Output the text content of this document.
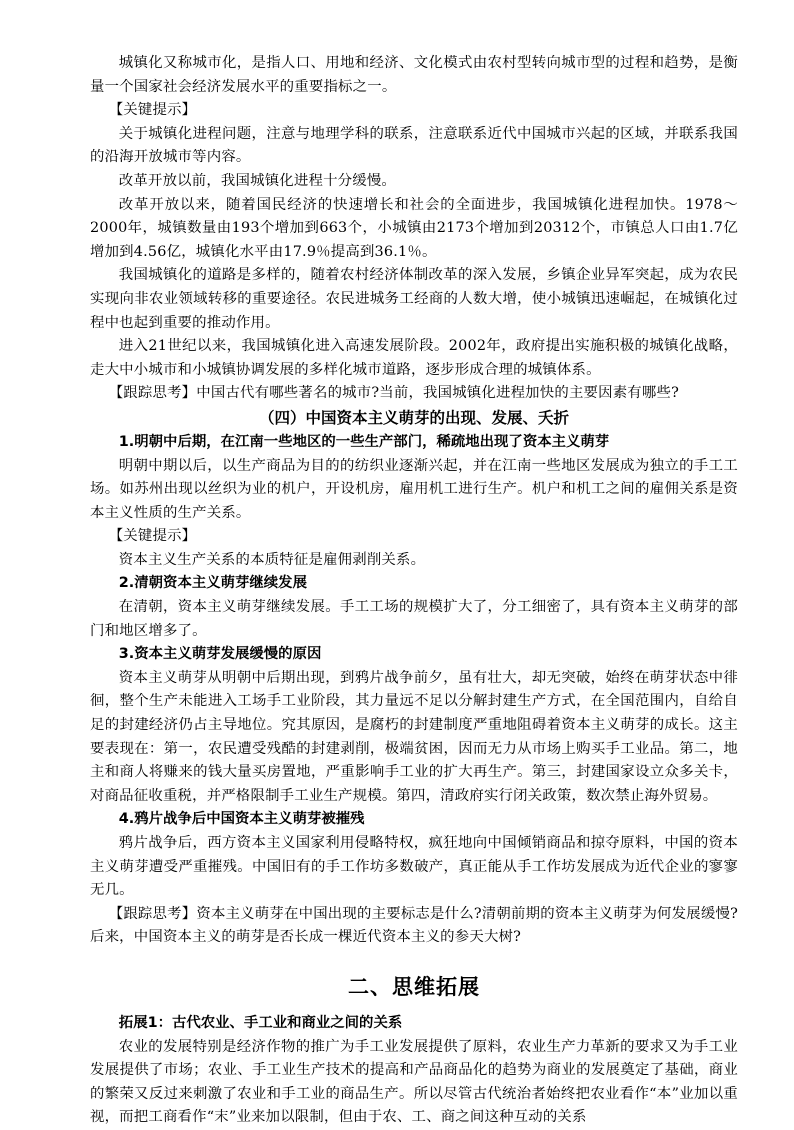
城镇化又称城市化，是指人口、用地和经济、文化模式由农村型转向城市型的过程和趋势，是衡量一个国家社会经济发展水平的重要指标之一。

【关键提示】

关于城镇化进程问题，注意与地理学科的联系，注意联系近代中国城市兴起的区域，并联系我国的沿海开放城市等内容。

改革开放以前，我国城镇化进程十分缓慢。

改革开放以来，随着国民经济的快速增长和社会的全面进步，我国城镇化进程加快。1978～2000年，城镇数量由193个增加到663个，小城镇由2173个增加到20312个，市镇总人口由1.7亿增加到4.56亿，城镇化水平由17.9％提高到36.1％。

我国城镇化的道路是多样的，随着农村经济体制改革的深入发展，乡镇企业异军突起，成为农民实现向非农业领域转移的重要途径。农民进城务工经商的人数大增，使小城镇迅速崛起，在城镇化过程中也起到重要的推动作用。

进入21世纪以来，我国城镇化进入高速发展阶段。2002年，政府提出实施积极的城镇化战略，走大中小城市和小城镇协调发展的多样化城市道路，逐步形成合理的城镇体系。

【跟踪思考】中国古代有哪些著名的城市?当前，我国城镇化进程加快的主要因素有哪些?

（四）中国资本主义萌芽的出现、发展、夭折
1.明朝中后期，在江南一些地区的一些生产部门，稀疏地出现了资本主义萌芽

明朝中期以后，以生产商品为目的的纺织业逐渐兴起，并在江南一些地区发展成为独立的手工工场。如苏州出现以丝织为业的机户，开设机房，雇用机工进行生产。机户和机工之间的雇佣关系是资本主义性质的生产关系。

【关键提示】

资本主义生产关系的本质特征是雇佣剥削关系。

2.清朝资本主义萌芽继续发展

在清朝，资本主义萌芽继续发展。手工工场的规模扩大了，分工细密了，具有资本主义萌芽的部门和地区增多了。

3.资本主义萌芽发展缓慢的原因

资本主义萌芽从明朝中后期出现，到鸦片战争前夕，虽有壮大，却无突破，始终在萌芽状态中徘徊，整个生产未能进入工场手工业阶段，其力量远不足以分解封建生产方式，在全国范围内，自给自足的封建经济仍占主导地位。究其原因，是腐朽的封建制度严重地阻碍着资本主义萌芽的成长。这主要表现在：第一，农民遭受残酷的封建剥削，极端贫困，因而无力从市场上购买手工业品。第二，地主和商人将赚来的钱大量买房置地，严重影响手工业的扩大再生产。第三，封建国家设立众多关卡，对商品征收重税，并严格限制手工业生产规模。第四，清政府实行闭关政策，数次禁止海外贸易。

4.鸦片战争后中国资本主义萌芽被摧残

鸦片战争后，西方资本主义国家利用侵略特权，疯狂地向中国倾销商品和掠夺原料，中国的资本主义萌芽遭受严重摧残。中国旧有的手工作坊多数破产，真正能从手工作坊发展成为近代企业的寥寥无几。

【跟踪思考】资本主义萌芽在中国出现的主要标志是什么?清朝前期的资本主义萌芽为何发展缓慢?后来，中国资本主义的萌芽是否长成一棵近代资本主义的参天大树?

二、思维拓展
拓展1：古代农业、手工业和商业之间的关系

农业的发展特别是经济作物的推广为手工业发展提供了原料，农业生产力革新的要求又为手工业发展提供了市场；农业、手工业生产技术的提高和产品商品化的趋势为商业的发展奠定了基础，商业的繁荣又反过来刺激了农业和手工业的商品生产。所以尽管古代统治者始终把农业看作“本”业加以重视，而把工商看作“末”业来加以限制，但由于农、工、商之间这种互动的关系
